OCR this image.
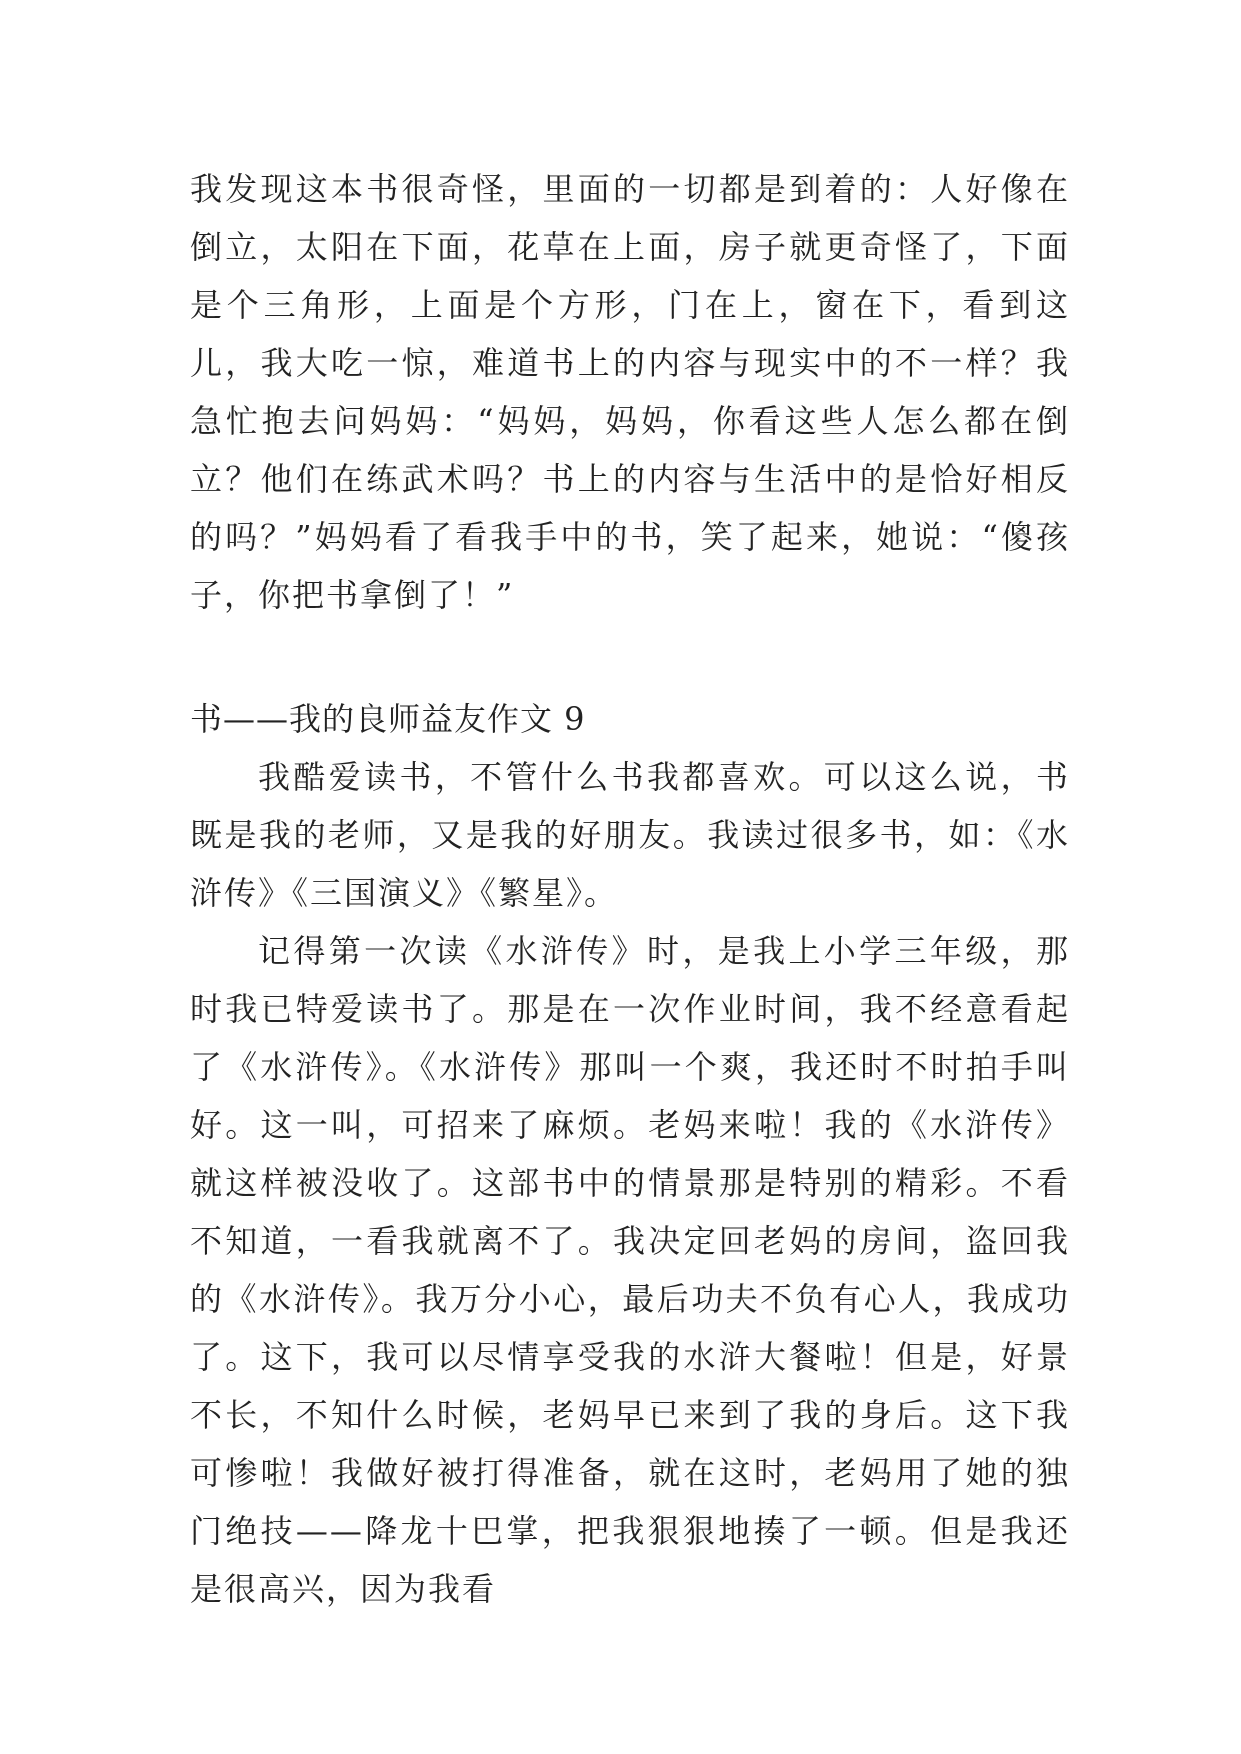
我发现这本书很奇怪，里面的一切都是到着的：人好像在倒立，太阳在下面，花草在上面，房子就更奇怪了，下面是个三角形，上面是个方形，门在上，窗在下，看到这儿，我大吃一惊，难道书上的内容与现实中的不一样？我急忙抱去问妈妈：“妈妈，妈妈，你看这些人怎么都在倒立？他们在练武术吗？书上的内容与生活中的是恰好相反的吗？”妈妈看了看我手中的书，笑了起来，她说：“傻孩子，你把书拿倒了！”

书——我的良师益友作文 9

我酷爱读书，不管什么书我都喜欢。可以这么说，书既是我的老师，又是我的好朋友。我读过很多书，如：《水浒传》《三国演义》《繁星》。

记得第一次读《水浒传》时，是我上小学三年级，那时我已特爱读书了。那是在一次作业时间，我不经意看起了《水浒传》。《水浒传》那叫一个爽，我还时不时拍手叫好。这一叫，可招来了麻烦。老妈来啦！我的《水浒传》就这样被没收了。这部书中的情景那是特别的精彩。不看不知道，一看我就离不了。我决定回老妈的房间，盗回我的《水浒传》。我万分小心，最后功夫不负有心人，我成功了。这下，我可以尽情享受我的水浒大餐啦！但是，好景不长，不知什么时候，老妈早已来到了我的身后。这下我可惨啦！我做好被打得准备，就在这时，老妈用了她的独门绝技——降龙十巴掌，把我狠狠地揍了一顿。但是我还是很高兴，因为我看
